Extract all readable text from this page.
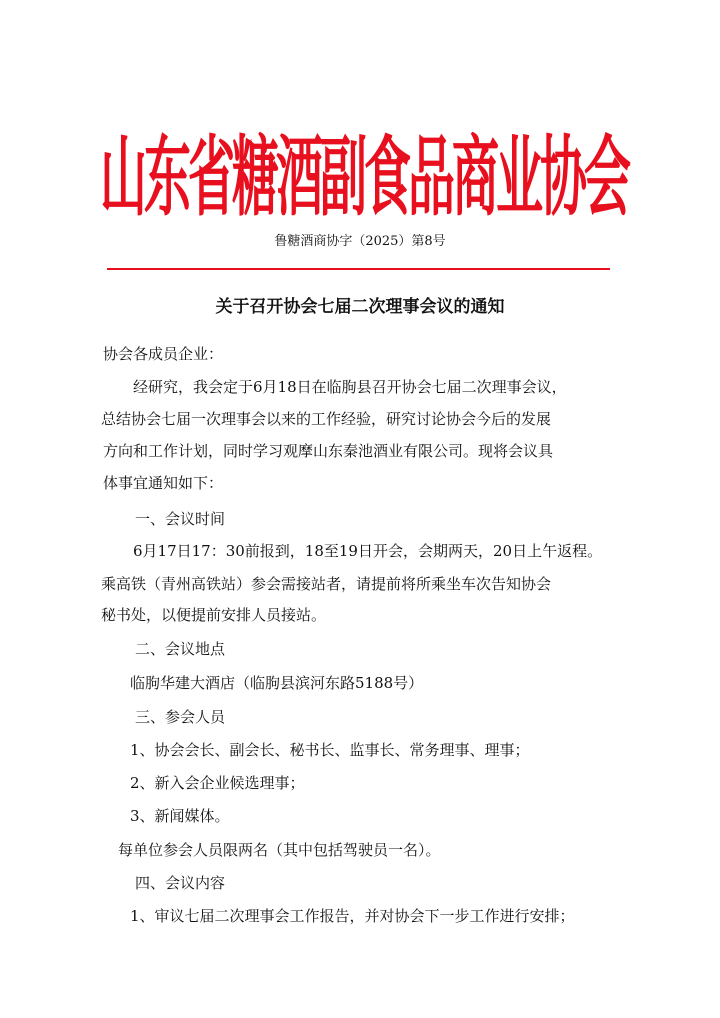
山东省糖酒副食品商业协会
鲁糖酒商协字（2025）第8号
关于召开协会七届二次理事会议的通知
协会各成员企业：
经研究，我会定于6月18日在临朐县召开协会七届二次理事会议，
总结协会七届一次理事会以来的工作经验，研究讨论协会今后的发展
方向和工作计划，同时学习观摩山东秦池酒业有限公司。现将会议具
体事宜通知如下：
一、会议时间
6月17日17：30前报到，18至19日开会，会期两天，20日上午返程。
乘高铁（青州高铁站）参会需接站者，请提前将所乘坐车次告知协会
秘书处，以便提前安排人员接站。
二、会议地点
临朐华建大酒店（临朐县滨河东路5188号）
三、参会人员
1、协会会长、副会长、秘书长、监事长、常务理事、理事；
2、新入会企业候选理事；
3、新闻媒体。
每单位参会人员限两名（其中包括驾驶员一名）。
四、会议内容
1、审议七届二次理事会工作报告，并对协会下一步工作进行安排；
